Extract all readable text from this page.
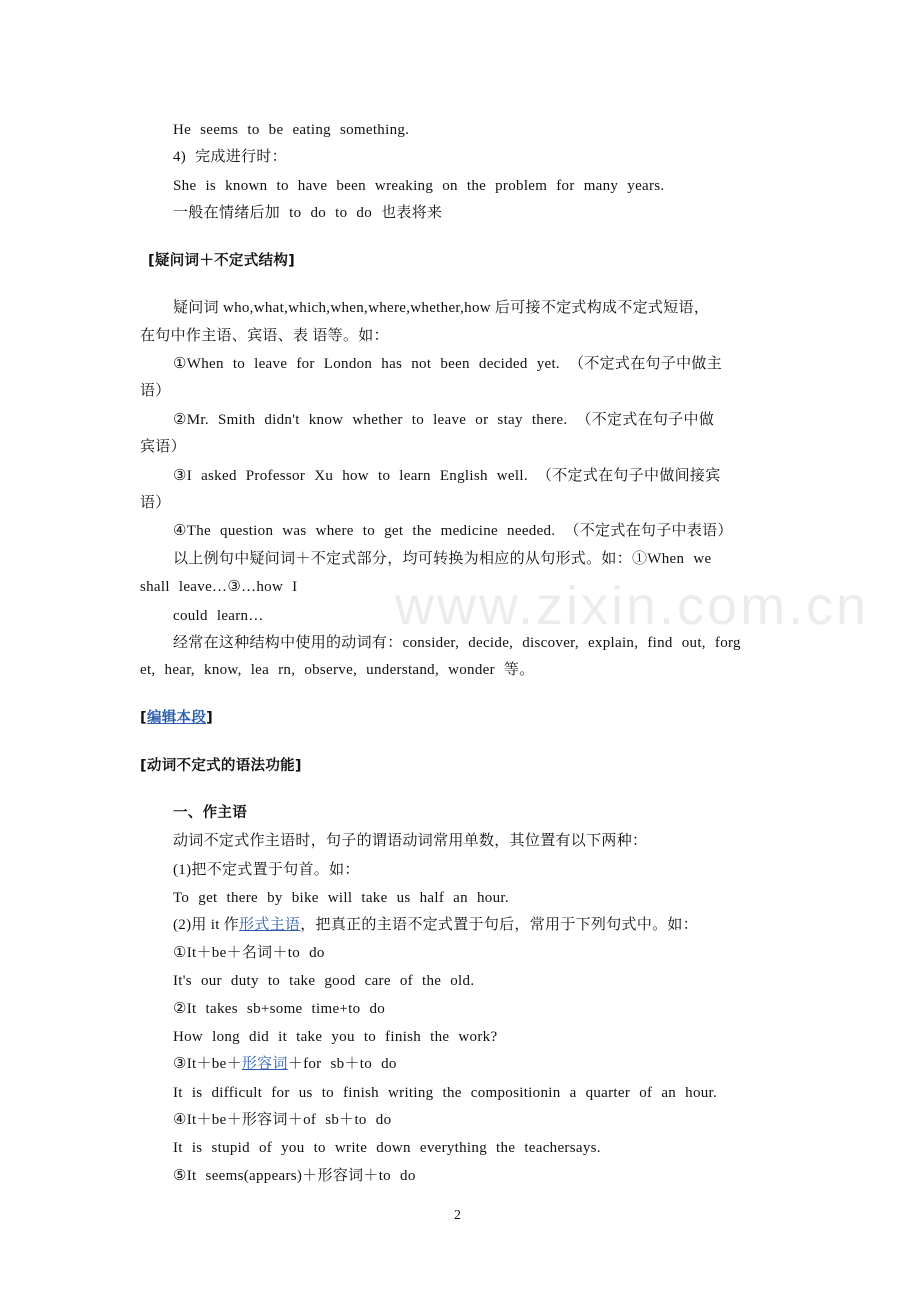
www.zixin.com.cn
He seems to be eating something.
4) 完成进行时：
She is known to have been wreaking on the problem for many years.
一般在情绪后加 to do to do 也表将来
[疑问词＋不定式结构]
疑问词 who,what,which,when,where,whether,how 后可接不定式构成不定式短语，
在句中作主语、宾语、表 语等。如：
①When to leave for London has not been decided yet. （不定式在句子中做主
语）
②Mr. Smith didn't know whether to leave or stay there. （不定式在句子中做
宾语）
③I asked Professor Xu how to learn English well. （不定式在句子中做间接宾
语）
④The question was where to get the medicine needed. （不定式在句子中表语）
以上例句中疑问词＋不定式部分，均可转换为相应的从句形式。如：①When we
shall leave…③…how I
could learn…
经常在这种结构中使用的动词有：consider, decide, discover, explain, find out, forg
et, hear, know, lea rn, observe, understand, wonder 等。
[编辑本段]
[动词不定式的语法功能]
一、作主语
动词不定式作主语时，句子的谓语动词常用单数，其位置有以下两种：
(1)把不定式置于句首。如：
To get there by bike will take us half an hour.
(2)用 it 作形式主语，把真正的主语不定式置于句后，常用于下列句式中。如：
①It＋be＋名词＋to do
It's our duty to take good care of the old.
②It takes sb+some time+to do
How long did it take you to finish the work?
③It＋be＋形容词＋for sb＋to do
It is difficult for us to finish writing the compositionin a quarter of an hour.
④It＋be＋形容词＋of sb＋to do
It is stupid of you to write down everything the teachersays.
⑤It seems(appears)＋形容词＋to do
2
